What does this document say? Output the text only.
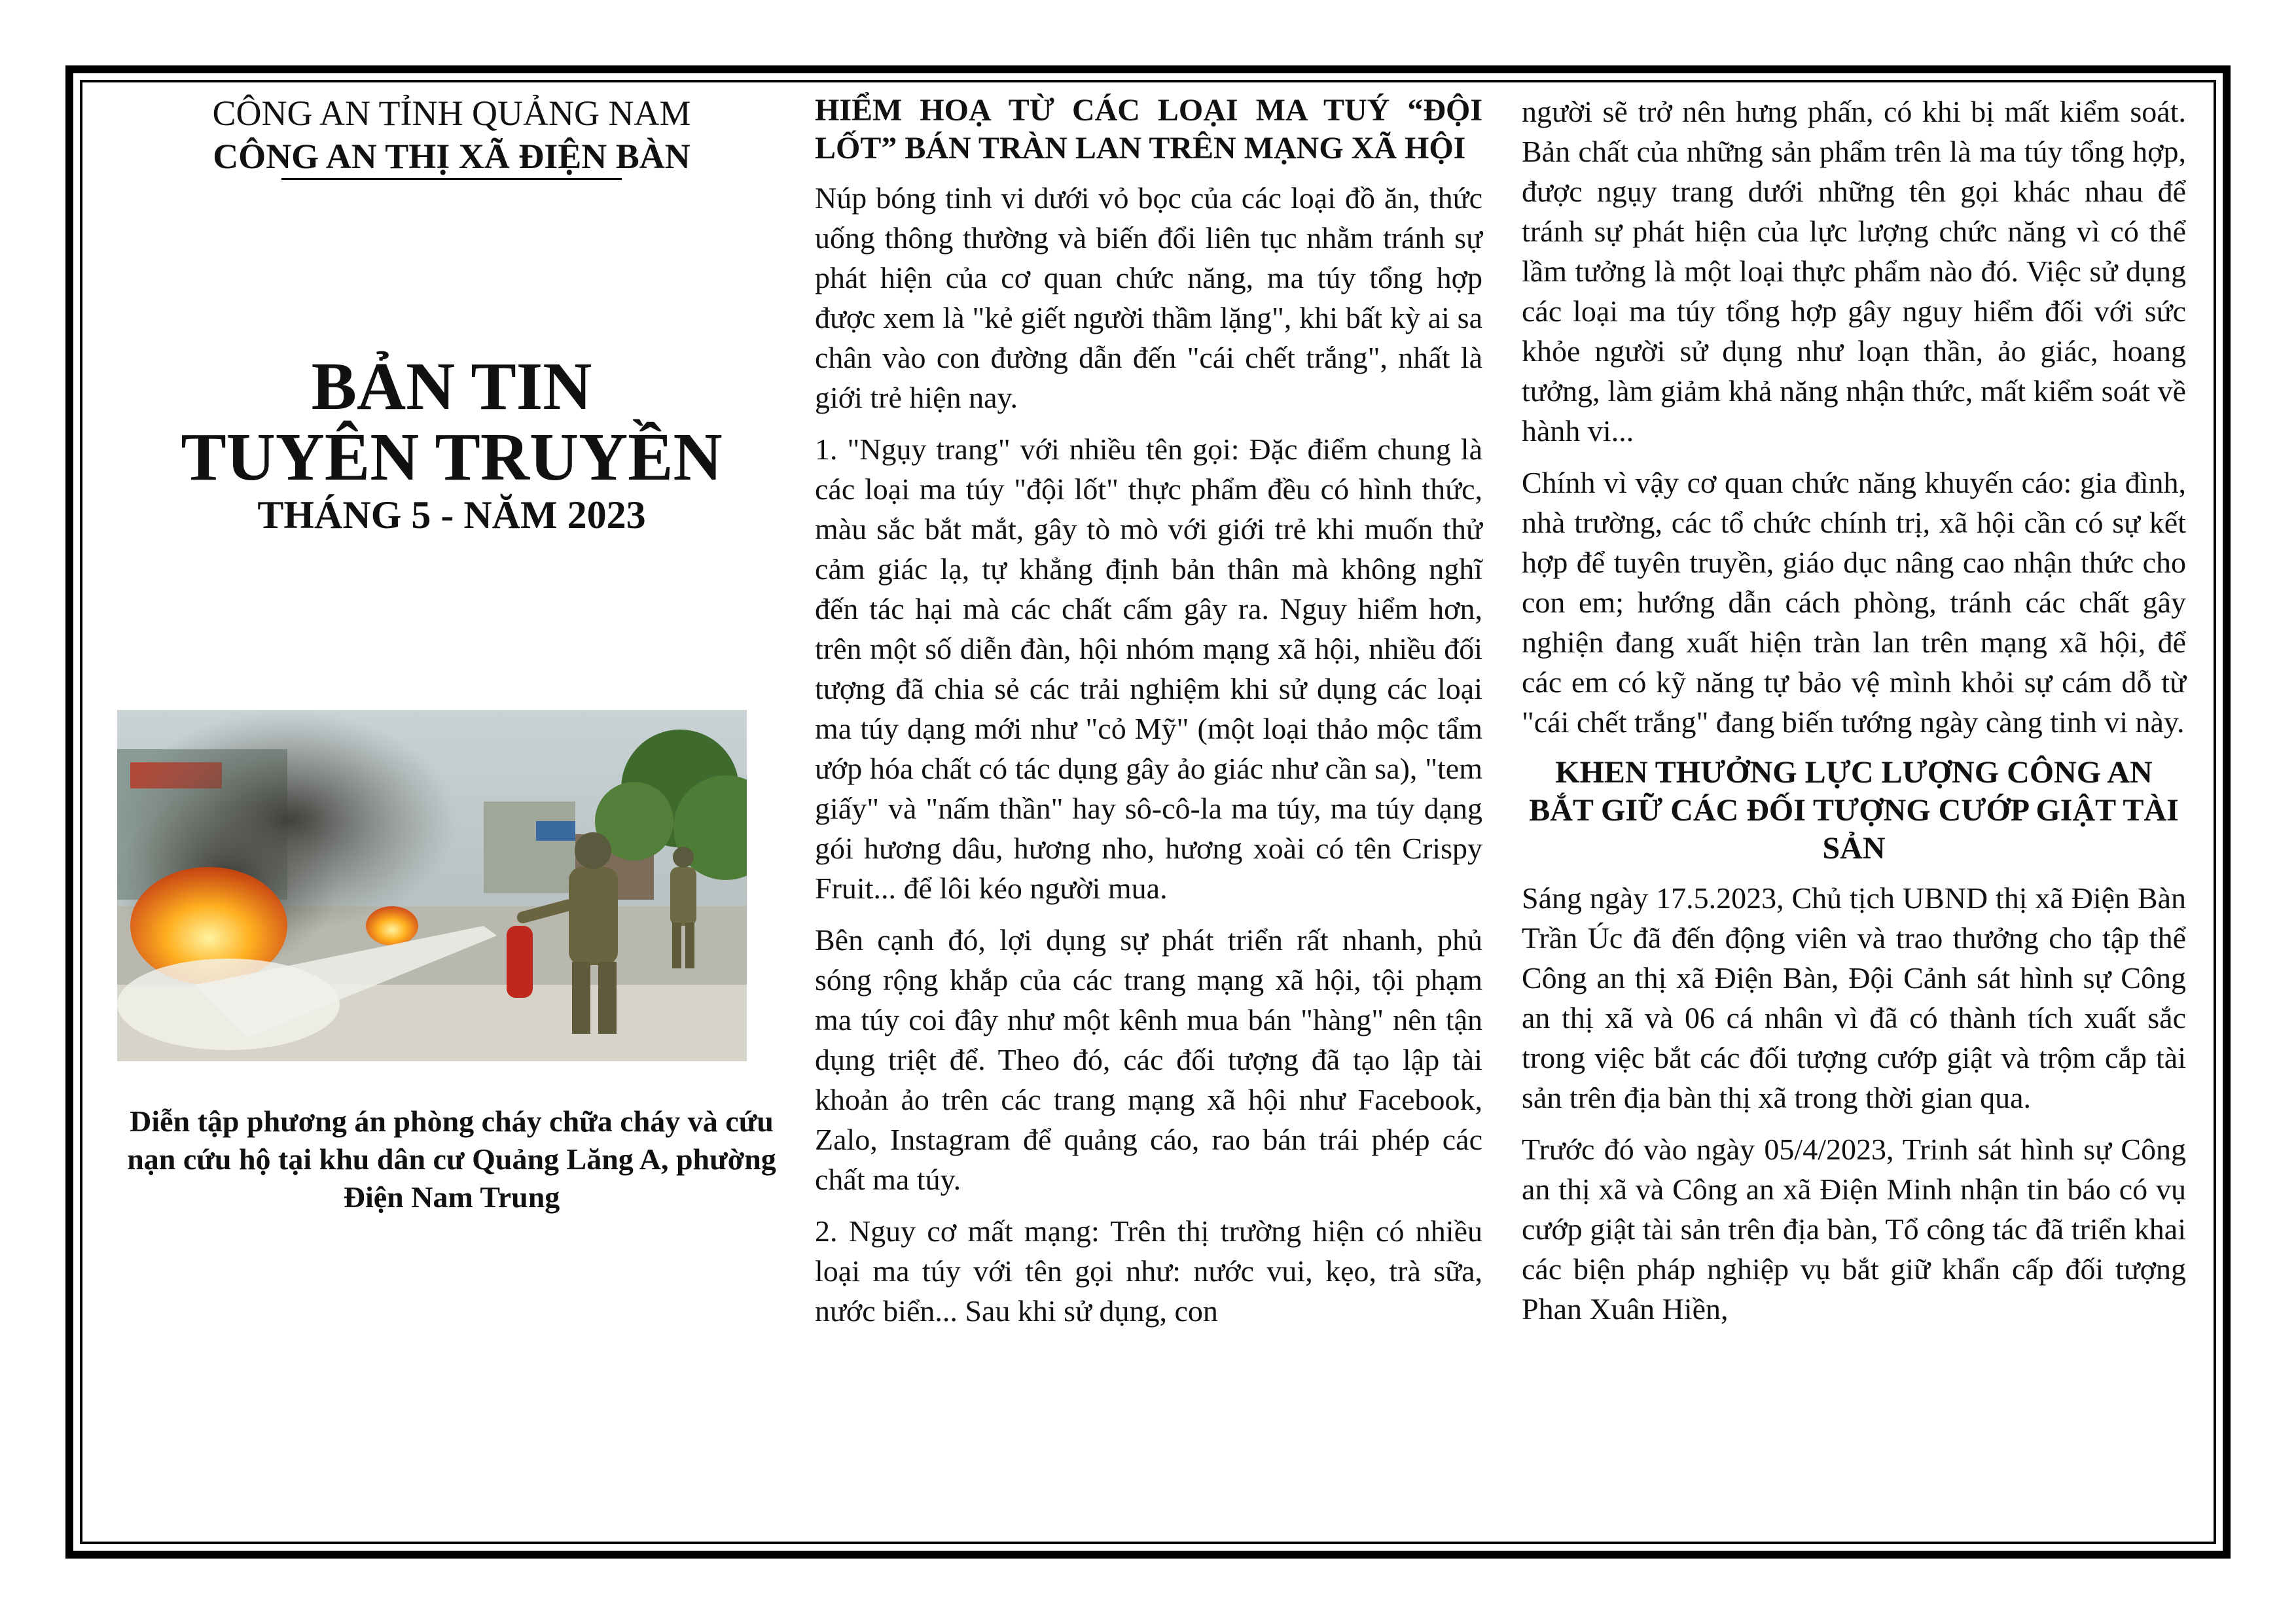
CÔNG AN TỈNH QUẢNG NAM
CÔNG AN THỊ XÃ ĐIỆN BÀN
BẢN TIN
TUYÊN TRUYỀN
THÁNG 5 - NĂM 2023
Diễn tập phương án phòng cháy chữa cháy và cứu nạn cứu hộ tại khu dân cư Quảng Lăng A, phường Điện Nam Trung
HIỂM HOẠ TỪ CÁC LOẠI MA TUÝ “ĐỘI LỐT” BÁN TRÀN LAN TRÊN MẠNG XÃ HỘI

Núp bóng tinh vi dưới vỏ bọc của các loại đồ ăn, thức uống thông thường và biến đổi liên tục nhằm tránh sự phát hiện của cơ quan chức năng, ma túy tổng hợp được xem là "kẻ giết người thầm lặng", khi bất kỳ ai sa chân vào con đường dẫn đến "cái chết trắng", nhất là giới trẻ hiện nay.

1. "Ngụy trang" với nhiều tên gọi: Đặc điểm chung là các loại ma túy "đội lốt" thực phẩm đều có hình thức, màu sắc bắt mắt, gây tò mò với giới trẻ khi muốn thử cảm giác lạ, tự khẳng định bản thân mà không nghĩ đến tác hại mà các chất cấm gây ra. Nguy hiểm hơn, trên một số diễn đàn, hội nhóm mạng xã hội, nhiều đối tượng đã chia sẻ các trải nghiệm khi sử dụng các loại ma túy dạng mới như "cỏ Mỹ" (một loại thảo mộc tẩm ướp hóa chất có tác dụng gây ảo giác như cần sa), "tem giấy" và "nấm thần" hay sô-cô-la ma túy, ma túy dạng gói hương dâu, hương nho, hương xoài có tên Crispy Fruit... để lôi kéo người mua.

Bên cạnh đó, lợi dụng sự phát triển rất nhanh, phủ sóng rộng khắp của các trang mạng xã hội, tội phạm ma túy coi đây như một kênh mua bán "hàng" nên tận dụng triệt để. Theo đó, các đối tượng đã tạo lập tài khoản ảo trên các trang mạng xã hội như Facebook, Zalo, Instagram để quảng cáo, rao bán trái phép các chất ma túy.

2. Nguy cơ mất mạng: Trên thị trường hiện có nhiều loại ma túy với tên gọi như: nước vui, kẹo, trà sữa, nước biển... Sau khi sử dụng, con

người sẽ trở nên hưng phấn, có khi bị mất kiểm soát. Bản chất của những sản phẩm trên là ma túy tổng hợp, được ngụy trang dưới những tên gọi khác nhau để tránh sự phát hiện của lực lượng chức năng vì có thể lầm tưởng là một loại thực phẩm nào đó. Việc sử dụng các loại ma túy tổng hợp gây nguy hiểm đối với sức khỏe người sử dụng như loạn thần, ảo giác, hoang tưởng, làm giảm khả năng nhận thức, mất kiểm soát về hành vi...

Chính vì vậy cơ quan chức năng khuyến cáo: gia đình, nhà trường, các tổ chức chính trị, xã hội cần có sự kết hợp để tuyên truyền, giáo dục nâng cao nhận thức cho con em; hướng dẫn cách phòng, tránh các chất gây nghiện đang xuất hiện tràn lan trên mạng xã hội, để các em có kỹ năng tự bảo vệ mình khỏi sự cám dỗ từ "cái chết trắng" đang biến tướng ngày càng tinh vi này.

KHEN THƯỞNG LỰC LƯỢNG CÔNG AN BẮT GIỮ CÁC ĐỐI TƯỢNG CƯỚP GIẬT TÀI SẢN

Sáng ngày 17.5.2023, Chủ tịch UBND thị xã Điện Bàn Trần Úc đã đến động viên và trao thưởng cho tập thể Công an thị xã Điện Bàn, Đội Cảnh sát hình sự Công an thị xã và 06 cá nhân vì đã có thành tích xuất sắc trong việc bắt các đối tượng cướp giật và trộm cắp tài sản trên địa bàn thị xã trong thời gian qua.

Trước đó vào ngày 05/4/2023, Trinh sát hình sự Công an thị xã và Công an xã Điện Minh nhận tin báo có vụ cướp giật tài sản trên địa bàn, Tổ công tác đã triển khai các biện pháp nghiệp vụ bắt giữ khẩn cấp đối tượng Phan Xuân Hiền,
